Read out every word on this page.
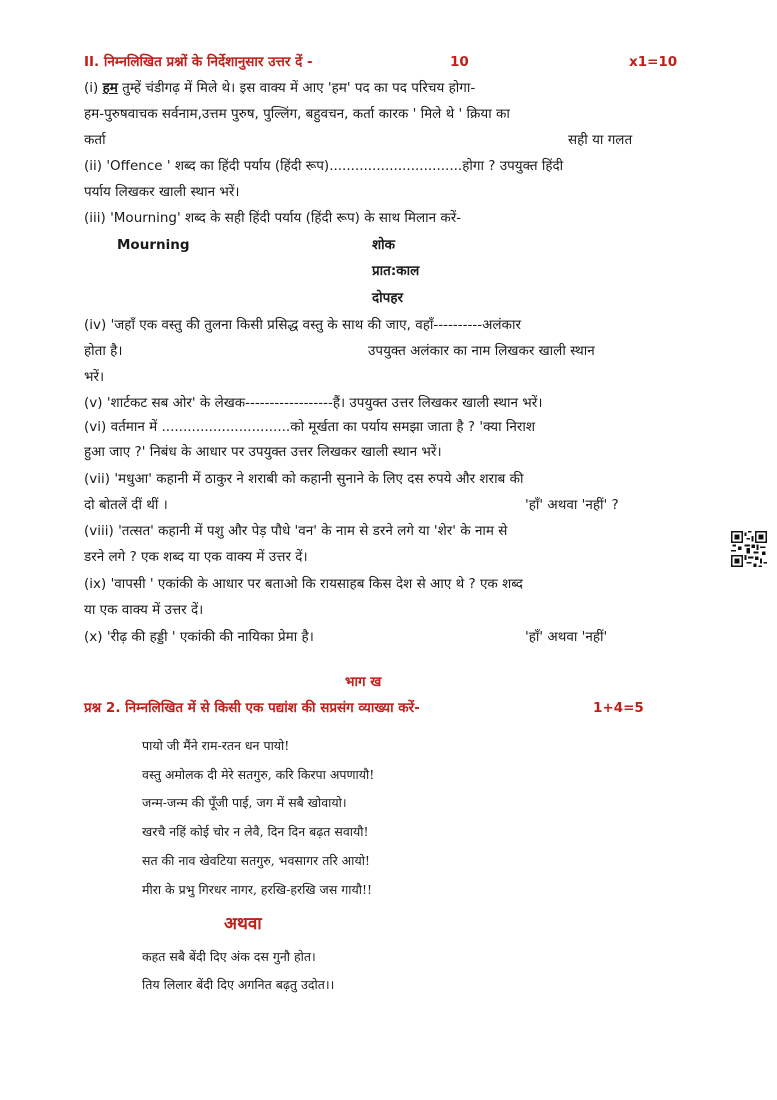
II. निम्नलिखित प्रश्नों के निर्देशानुसार उत्तर दें -	10	x1=10
(i) हम तुम्हें चंडीगढ़ में मिले थे। इस वाक्य में आए 'हम' पद का पद परिचय होगा-
हम-पुरुषवाचक सर्वनाम,उत्तम पुरुष, पुल्लिंग, बहुवचन, कर्ता कारक ' मिले थे ' क्रिया का
कर्ता	सही या गलत
(ii) 'Offence ' शब्द का हिंदी पर्याय (हिंदी रूप)...............................होगा ? उपयुक्त हिंदी
पर्याय लिखकर खाली स्थान भरें।
(iii) 'Mourning' शब्द के सही हिंदी पर्याय (हिंदी रूप) के साथ मिलान करें-
Mourning	शोक
प्रात:काल
दोपहर
(iv) 'जहाँ एक वस्तु की तुलना किसी प्रसिद्ध वस्तु के साथ की जाए, वहाँ----------अलंकार
होता है।	उपयुक्त अलंकार का नाम लिखकर खाली स्थान
भरें।
(v) 'शार्टकट सब ओर' के लेखक------------------हैं। उपयुक्त उत्तर लिखकर खाली स्थान भरें।
(vi) वर्तमान में ..............................को मूर्खता का पर्याय समझा जाता है ? 'क्या निराश
हुआ जाए ?' निबंध के आधार पर उपयुक्त उत्तर लिखकर खाली स्थान भरें।
(vii) 'मधुआ' कहानी में ठाकुर ने शराबी को कहानी सुनाने के लिए दस रुपये और शराब की
दो बोतलें दीं थीं ।	'हाँ' अथवा 'नहीं' ?
(viii) 'तत्सत' कहानी में पशु और पेड़ पौधे 'वन' के नाम से डरने लगे या 'शेर' के नाम से
डरने लगे ? एक शब्द या एक वाक्य में उत्तर दें।
(ix) 'वापसी ' एकांकी के आधार पर बताओ कि रायसाहब किस देश से आए थे ? एक शब्द
या एक वाक्य में उत्तर दें।
(x) 'रीढ़ की हड्डी ' एकांकी की नायिका प्रेमा है।	'हाँ' अथवा 'नहीं'
भाग ख
प्रश्न 2. निम्नलिखित में से किसी एक पद्यांश की सप्रसंग व्याख्या करें-	1+4=5
पायो जी मैंने राम-रतन धन पायो!
वस्तु अमोलक दी मेरे सतगुरु, करि किरपा अपणायौ!
जन्म-जन्म की पूँजी पाई, जग में सबै खोवायो।
खरचै नहिं कोई चोर न लेवै, दिन दिन बढ़त सवायौ!
सत की नाव खेवटिया सतगुरु, भवसागर तरि आयो!
मीरा के प्रभु गिरधर नागर, हरखि-हरखि जस गायौ!!
अथवा
कहत सबै बेंदी दिए अंक दस गुनौ होत।
तिय लिलार बेंदी दिए अगनित बढ़तु उदोत।।
